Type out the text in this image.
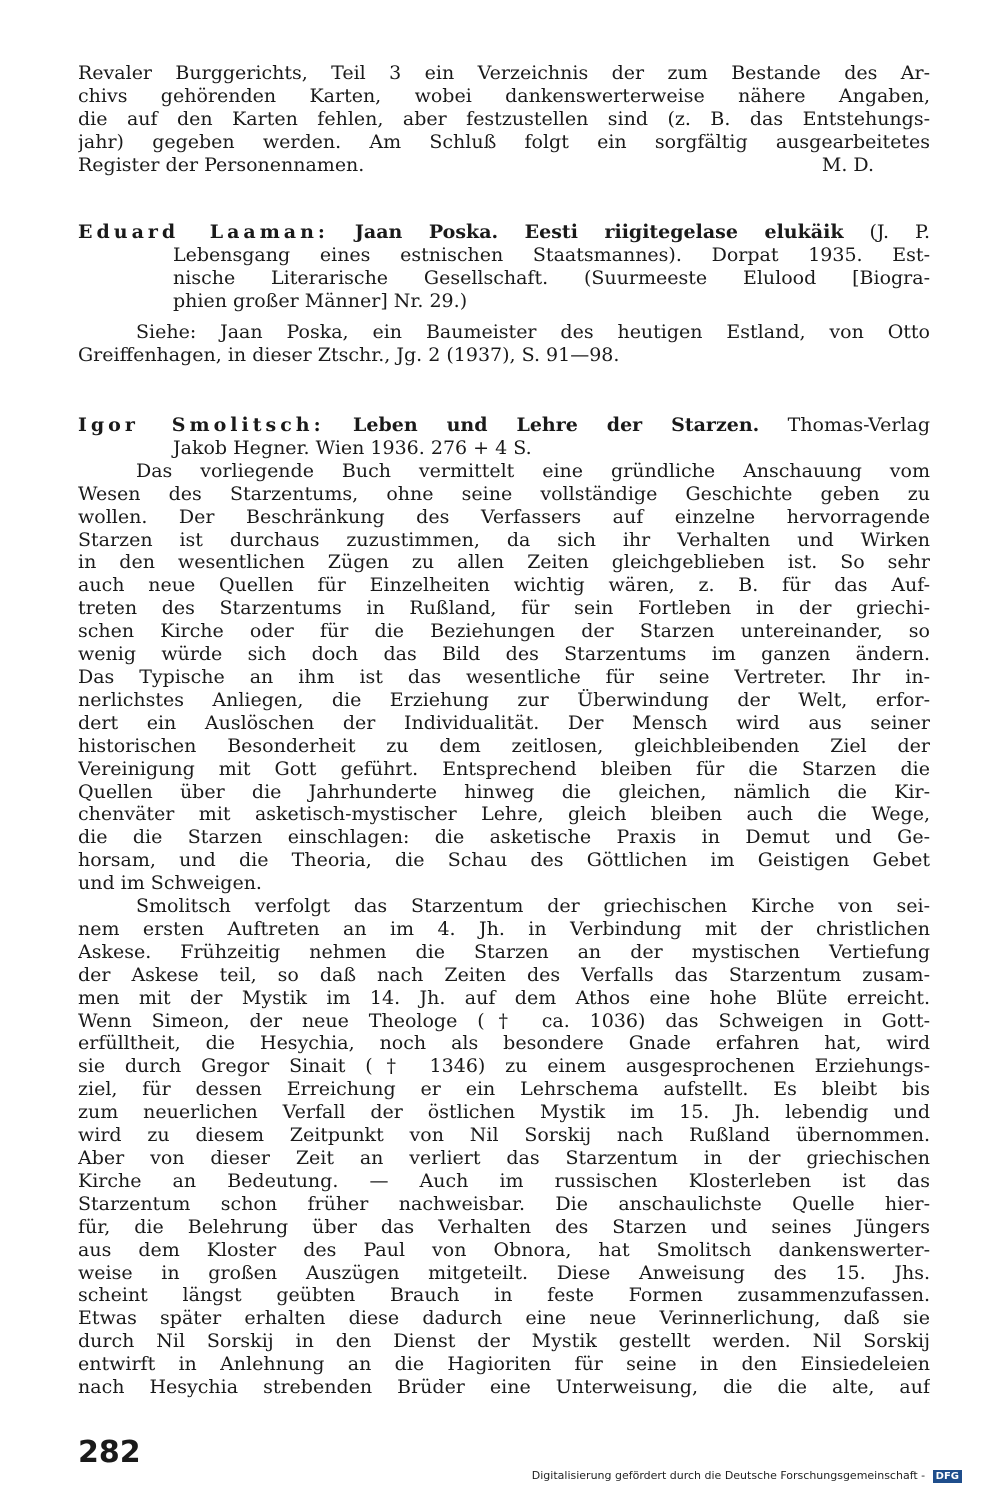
Revaler Burggerichts, Teil 3 ein Verzeichnis der zum Bestande des Ar-
chivs gehörenden Karten, wobei dankenswerterweise nähere Angaben,
die auf den Karten fehlen, aber festzustellen sind (z. B. das Entstehungs-
jahr) gegeben werden. Am Schluß folgt ein sorgfältig ausgearbeitetes
Register der Personennamen.	M. D.
Eduard Laaman: Jaan Poska. Eesti riigitegelase elukäik (J. P.
Lebensgang eines estnischen Staatsmannes). Dorpat 1935. Est-
nische Literarische Gesellschaft. (Suurmeeste Elulood [Biogra-
phien großer Männer] Nr. 29.)
Siehe: Jaan Poska, ein Baumeister des heutigen Estland, von Otto
Greiffenhagen, in dieser Ztschr., Jg. 2 (1937), S. 91—98.
Igor Smolitsch: Leben und Lehre der Starzen. Thomas-Verlag
Jakob Hegner. Wien 1936. 276 + 4 S.
Das vorliegende Buch vermittelt eine gründliche Anschauung vom
Wesen des Starzentums, ohne seine vollständige Geschichte geben zu
wollen. Der Beschränkung des Verfassers auf einzelne hervorragende
Starzen ist durchaus zuzustimmen, da sich ihr Verhalten und Wirken
in den wesentlichen Zügen zu allen Zeiten gleichgeblieben ist. So sehr
auch neue Quellen für Einzelheiten wichtig wären, z. B. für das Auf-
treten des Starzentums in Rußland, für sein Fortleben in der griechi-
schen Kirche oder für die Beziehungen der Starzen untereinander, so
wenig würde sich doch das Bild des Starzentums im ganzen ändern.
Das Typische an ihm ist das wesentliche für seine Vertreter. Ihr in-
nerlichstes Anliegen, die Erziehung zur Überwindung der Welt, erfor-
dert ein Auslöschen der Individualität. Der Mensch wird aus seiner
historischen Besonderheit zu dem zeitlosen, gleichbleibenden Ziel der
Vereinigung mit Gott geführt. Entsprechend bleiben für die Starzen die
Quellen über die Jahrhunderte hinweg die gleichen, nämlich die Kir-
chenväter mit asketisch-mystischer Lehre, gleich bleiben auch die Wege,
die die Starzen einschlagen: die asketische Praxis in Demut und Ge-
horsam, und die Theoria, die Schau des Göttlichen im Geistigen Gebet
und im Schweigen.
Smolitsch verfolgt das Starzentum der griechischen Kirche von sei-
nem ersten Auftreten an im 4. Jh. in Verbindung mit der christlichen
Askese. Frühzeitig nehmen die Starzen an der mystischen Vertiefung
der Askese teil, so daß nach Zeiten des Verfalls das Starzentum zusam-
men mit der Mystik im 14. Jh. auf dem Athos eine hohe Blüte erreicht.
Wenn Simeon, der neue Theologe († ca. 1036) das Schweigen in Gott-
erfülltheit, die Hesychia, noch als besondere Gnade erfahren hat, wird
sie durch Gregor Sinait († 1346) zu einem ausgesprochenen Erziehungs-
ziel, für dessen Erreichung er ein Lehrschema aufstellt. Es bleibt bis
zum neuerlichen Verfall der östlichen Mystik im 15. Jh. lebendig und
wird zu diesem Zeitpunkt von Nil Sorskij nach Rußland übernommen.
Aber von dieser Zeit an verliert das Starzentum in der griechischen
Kirche an Bedeutung. — Auch im russischen Klosterleben ist das
Starzentum schon früher nachweisbar. Die anschaulichste Quelle hier-
für, die Belehrung über das Verhalten des Starzen und seines Jüngers
aus dem Kloster des Paul von Obnora, hat Smolitsch dankenswerter-
weise in großen Auszügen mitgeteilt. Diese Anweisung des 15. Jhs.
scheint längst geübten Brauch in feste Formen zusammenzufassen.
Etwas später erhalten diese dadurch eine neue Verinnerlichung, daß sie
durch Nil Sorskij in den Dienst der Mystik gestellt werden. Nil Sorskij
entwirft in Anlehnung an die Hagioriten für seine in den Einsiedeleien
nach Hesychia strebenden Brüder eine Unterweisung, die die alte, auf
282
Digitalisierung gefördert durch die Deutsche Forschungsgemeinschaft - DFG
